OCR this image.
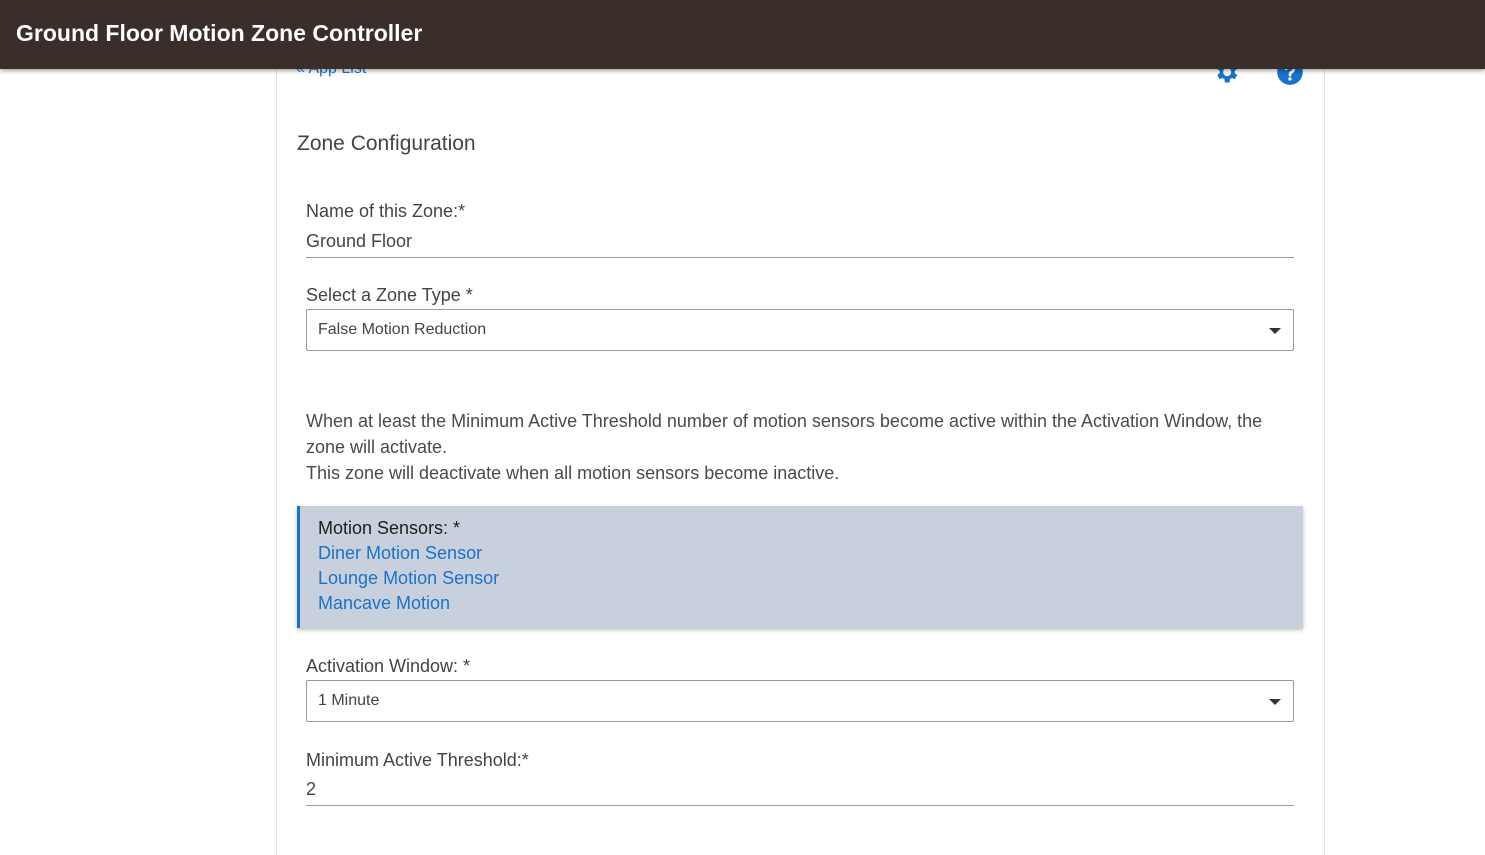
Ground Floor Motion Zone Controller
Zone Configuration
Name of this Zone:*
Ground Floor
Select a Zone Type *
False Motion Reduction
When at least the Minimum Active Threshold number of motion sensors become active within the Activation Window, the zone will activate.
This zone will deactivate when all motion sensors become inactive.
Motion Sensors: *
Diner Motion Sensor
Lounge Motion Sensor
Mancave Motion
Activation Window: *
1 Minute
Minimum Active Threshold:*
2
